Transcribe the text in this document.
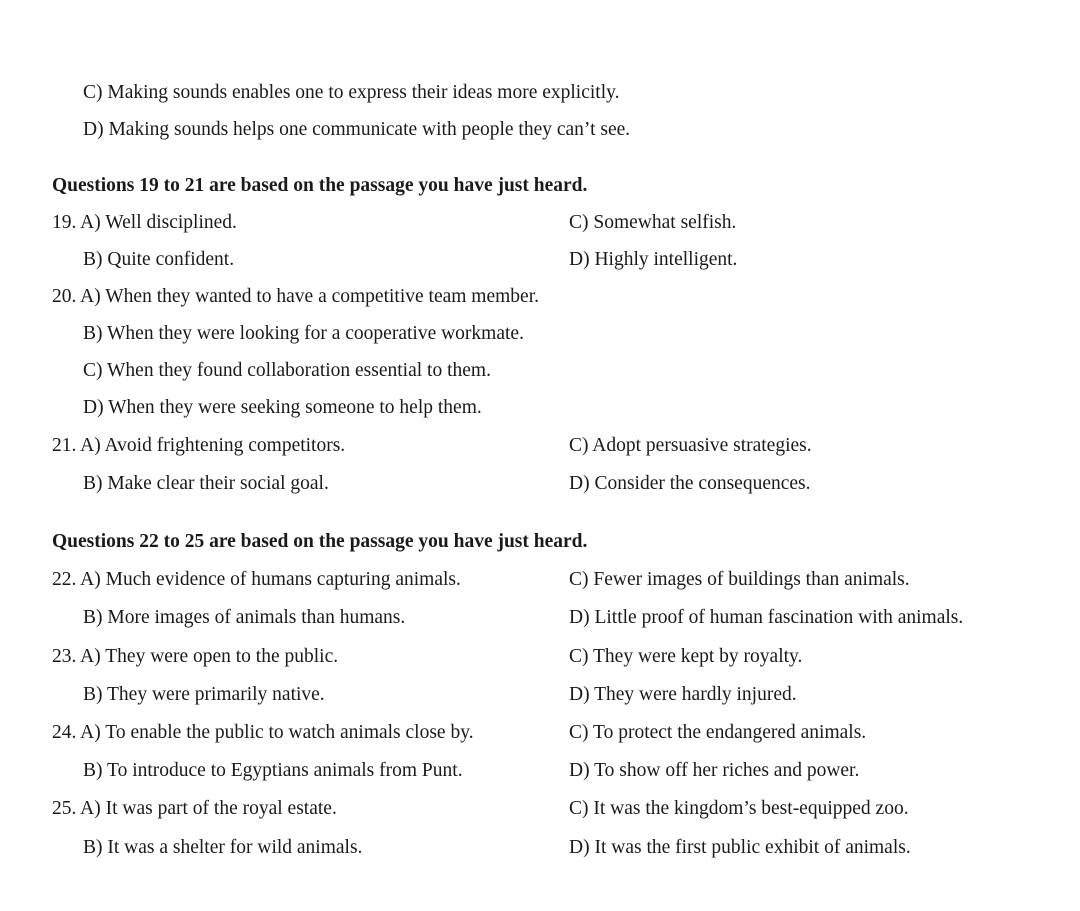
C) Making sounds enables one to express their ideas more explicitly.
D) Making sounds helps one communicate with people they can’t see.
Questions 19 to 21 are based on the passage you have just heard.
19. A) Well disciplined.	C) Somewhat selfish.
B) Quite confident.	D) Highly intelligent.
20. A) When they wanted to have a competitive team member.
B) When they were looking for a cooperative workmate.
C) When they found collaboration essential to them.
D) When they were seeking someone to help them.
21. A) Avoid frightening competitors.	C) Adopt persuasive strategies.
B) Make clear their social goal.	D) Consider the consequences.
Questions 22 to 25 are based on the passage you have just heard.
22. A) Much evidence of humans capturing animals.	C) Fewer images of buildings than animals.
B) More images of animals than humans.	D) Little proof of human fascination with animals.
23. A) They were open to the public.	C) They were kept by royalty.
B) They were primarily native.	D) They were hardly injured.
24. A) To enable the public to watch animals close by.	C) To protect the endangered animals.
B) To introduce to Egyptians animals from Punt.	D) To show off her riches and power.
25. A) It was part of the royal estate.	C) It was the kingdom’s best-equipped zoo.
B) It was a shelter for wild animals.	D) It was the first public exhibit of animals.
